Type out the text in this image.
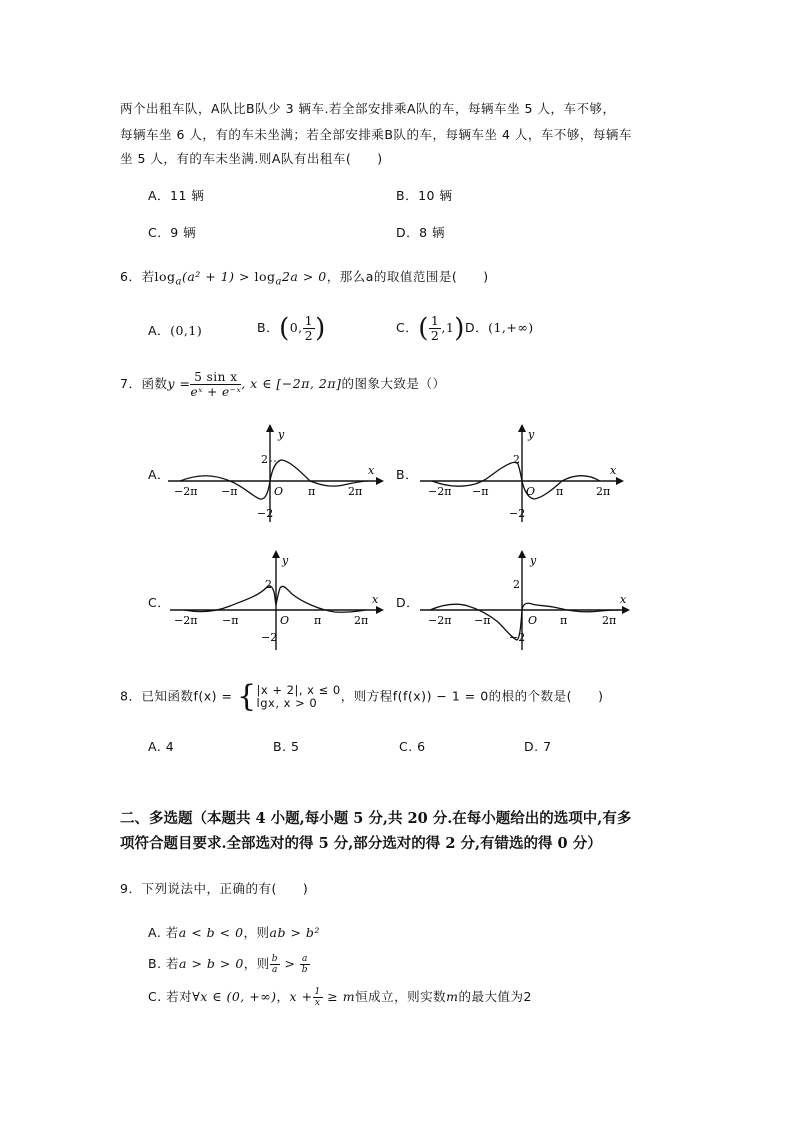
两个出租车队，A队比B队少 3 辆车.若全部安排乘A队的车，每辆车坐 5 人，车不够，
每辆车坐 6 人，有的车未坐满；若全部安排乘B队的车，每辆车坐 4 人，车不够，每辆车
坐 5 人，有的车未坐满.则A队有出租车(　　)
A．11 辆	B．10 辆
C．9 辆	D．8 辆
6．若$\log_a(a^2 + 1) > \log_a2a > 0$，那么a的取值范围是(　　)
A．(0,1)	B．(0, $\frac{1}{2}$ )	C．( $\frac{1}{2} ,1)D$．(1,+∞)
7．函数$y = \frac{\text{5 sin x}}{\text{eˣ + e⁻ˣ}}$ , x ∈ [−2π, 2π]的图象大致是（）
A．	B．
C．	D．
y
x
2
−2
O
−2π −π	π	2π
y
x
2
−2
O
−2π −π	π	2π
y
x
2
−2
O
−2π −π	π	2π
y
x
2
−2
O
−2π −π	π	2π
8．已知函数f(x) = { |x + 2|, x ≤ 0
lgx, x > 0	，则方程f(f(x)) − 1 = 0的根的个数是(　　)
A. 4	B. 5	C. 6	D. 7
二、多选题（本题共 4 小题,每小题 5 分,共 20 分.在每小题给出的选项中,有多
项符合题目要求.全部选对的得 5 分,部分选对的得 2 分,有错选的得 0 分）
9．下列说法中，正确的有(　　)
A. 若a < b < 0，则ab > b²
B. 若a > b > 0，则 $\frac{b}{a} > \frac{a}{b}$
C. 若对∀x ∈ (0, +∞)，$x + \frac{1}{x} \ge m$恒成立，则实数m的最大值为2
